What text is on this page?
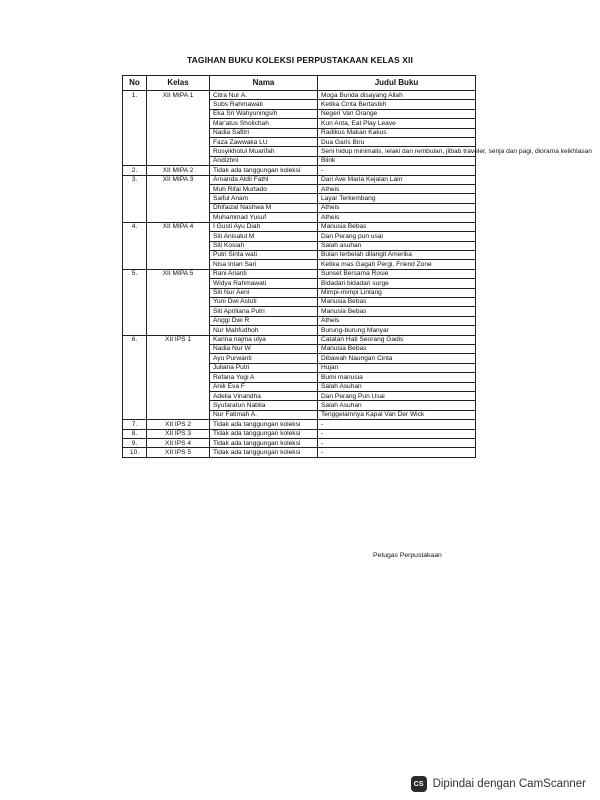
TAGIHAN BUKU KOLEKSI PERPUSTAKAAN KELAS XII
No	Kelas	Nama	Judul Buku
1.	XII MIPA 1	Citra Nur A.	Moga Bunda disayang Allah
		Subs Rahmawati	Ketika Cinta Bertasbih
		Eka Sri Wahyuningsih	Negeri Van Orange
		Mar'atus Sholichah	Kun Anta, Eat Play Leave
		Nadia Safitri	Radikus Makan Kakus
		Faza Zawwaka LU	Dua Garis Biru
		Rosyikhotul Muarifah	Seni hidup minimalis, lelaki dan rembulan, jilbab traveler, senja dan pagi, diorama keikhlasan
		Andizhni	Blink
2.	XII MIPA 2	Tidak ada tanggungan koleksi	-
3.	XII MIPA 3	Arnanda Aldil Fathl	Dari Ave Maria Kejalan Lain
		Muh Rifai Murtado	Atheis
		Saiful Anam	Layar Terkembang
		Dhifaizal Nashwa M	Atheis
		Muhammad Yusuf	Atheis
4.	XII MIPA 4	I Gusti Ayu Diah	Manusia Bebas
		Siti Anisatul M	Dan Perang pun usai
		Siti Kosiah	Salah asuhan
		Putri Sinta wati	Bulan terbelah dilangit Amerika
		Nisa Intan Sari	Ketika mas Gagah Pergi, Friend Zone
5.	XII MIPA 5	Rani Arianti	Sunset Bersama Rosie
		Widya Rahmawati	Bidadari bidadari surge
		Siti Nur Aeni	Mimpi-mimpi Lintang
		Yuni Dwi Astuti	Manusia Bebas
		Siti Apriliana Putri	Manusia Bebas
		Anggi Dwi R	Atheis
		Nur Mahfudhoh	Burung-burung Manyar
6.	XII IPS 1	Karina najma ulya	Catatan Hati Seorang Gadis
		Nadia Nur W	Manusia Bebas
		Ayu Purwanti	Dibawah Naungan Cinta
		Juliana Putri	Hujan
		Refana Yogi A	Bumi manusia
		Anik Eva F	Salah Asuhan
		Adelia Vinandha	Dan Perang Pun Usai
		Syufaratun Nabila	Salah Asuhan
		Nur Fatimah A.	Tenggelamnya Kapal Van Der Wick
7.	XII IPS 2	Tidak ada tanggungan koleksi	-
8.	XII IPS 3	Tidak ada tanggungan koleksi	-
9.	XII IPS 4	Tidak ada tanggungan koleksi	-
10.	XII IPS 5	Tidak ada tanggungan koleksi	-
Petugas Perpustakaan
CS Dipindai dengan CamScanner
